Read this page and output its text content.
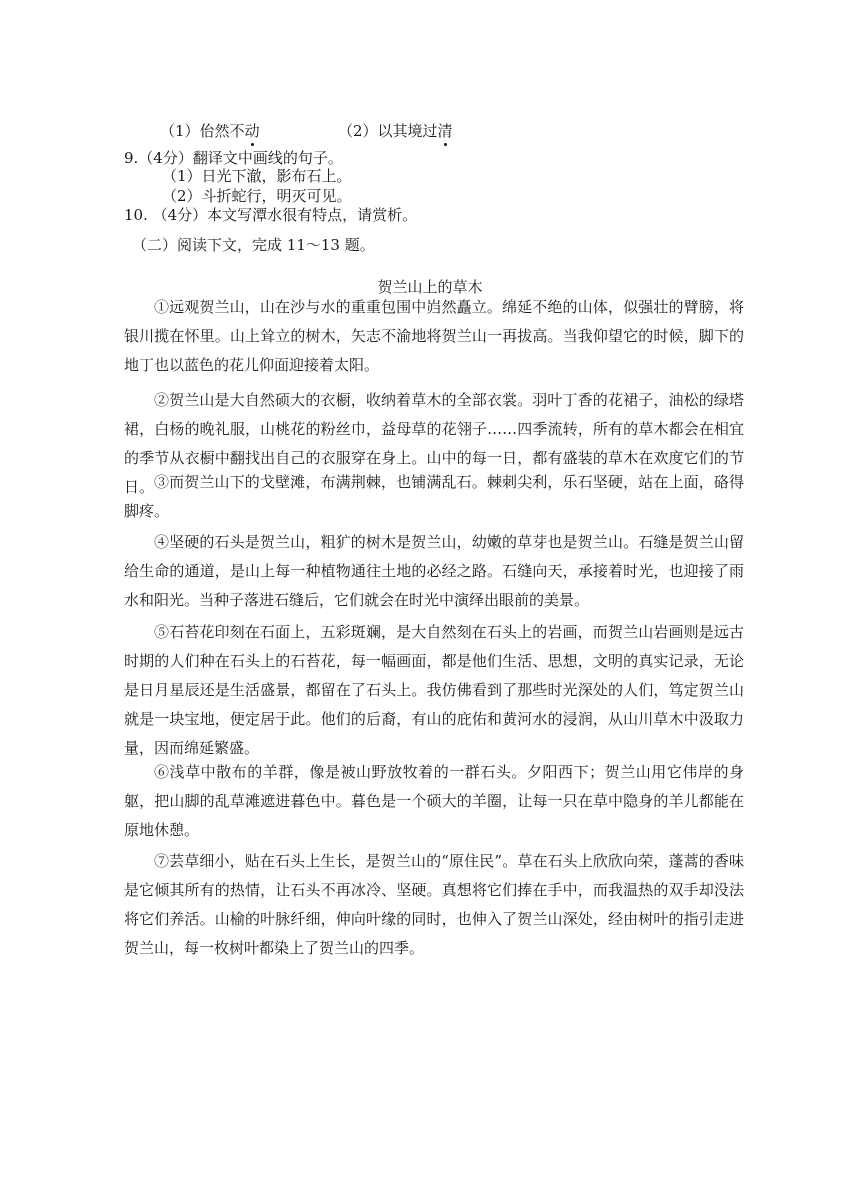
（1）佁然不动	（2）以其境过清
9.（4分）翻译文中画线的句子。
（1）日光下澈，影布石上。
（2）斗折蛇行，明灭可见。
10. （4分）本文写潭水很有特点，请赏析。
（二）阅读下文，完成 11～13 题。
贺兰山上的草木
①远观贺兰山，山在沙与水的重重包围中岿然矗立。绵延不绝的山体，似强壮的臂膀，将银川揽在怀里。山上耸立的树木，矢志不渝地将贺兰山一再拔高。当我仰望它的时候，脚下的地丁也以蓝色的花儿仰面迎接着太阳。
②贺兰山是大自然硕大的衣橱，收纳着草木的全部衣裳。羽叶丁香的花裙子，油松的绿塔裙，白杨的晚礼服，山桃花的粉丝巾，益母草的花翎子……四季流转，所有的草木都会在相宜的季节从衣橱中翻找出自己的衣服穿在身上。山中的每一日，都有盛装的草木在欢度它们的节日。 ③而贺兰山下的戈壁滩，布满荆棘，也铺满乱石。棘刺尖利，乐石坚硬，站在上面，硌得脚疼。
④坚硬的石头是贺兰山，粗犷的树木是贺兰山，幼嫩的草芽也是贺兰山。石缝是贺兰山留给生命的通道，是山上每一种植物通往土地的必经之路。石缝向天，承接着时光，也迎接了雨水和阳光。当种子落进石缝后，它们就会在时光中演绎出眼前的美景。
⑤石苔花印刻在石面上，五彩斑斓，是大自然刻在石头上的岩画，而贺兰山岩画则是远古时期的人们种在石头上的石苔花，每一幅画面，都是他们生活、思想，文明的真实记录，无论是日月星辰还是生活盛景，都留在了石头上。我仿佛看到了那些时光深处的人们，笃定贺兰山就是一块宝地，便定居于此。他们的后裔，有山的庇佑和黄河水的浸润，从山川草木中汲取力量，因而绵延繁盛。
⑥浅草中散布的羊群，像是被山野放牧着的一群石头。夕阳西下；贺兰山用它伟岸的身躯，把山脚的乱草滩遮进暮色中。暮色是一个硕大的羊圈，让每一只在草中隐身的羊儿都能在原地休憩。
⑦芸草细小，贴在石头上生长，是贺兰山的“原住民”。草在石头上欣欣向荣，蓬蒿的香味是它倾其所有的热情，让石头不再冰冷、坚硬。真想将它们捧在手中，而我温热的双手却没法将它们养活。山榆的叶脉纤细，伸向叶缘的同时，也伸入了贺兰山深处，经由树叶的指引走进贺兰山，每一枚树叶都染上了贺兰山的四季。
